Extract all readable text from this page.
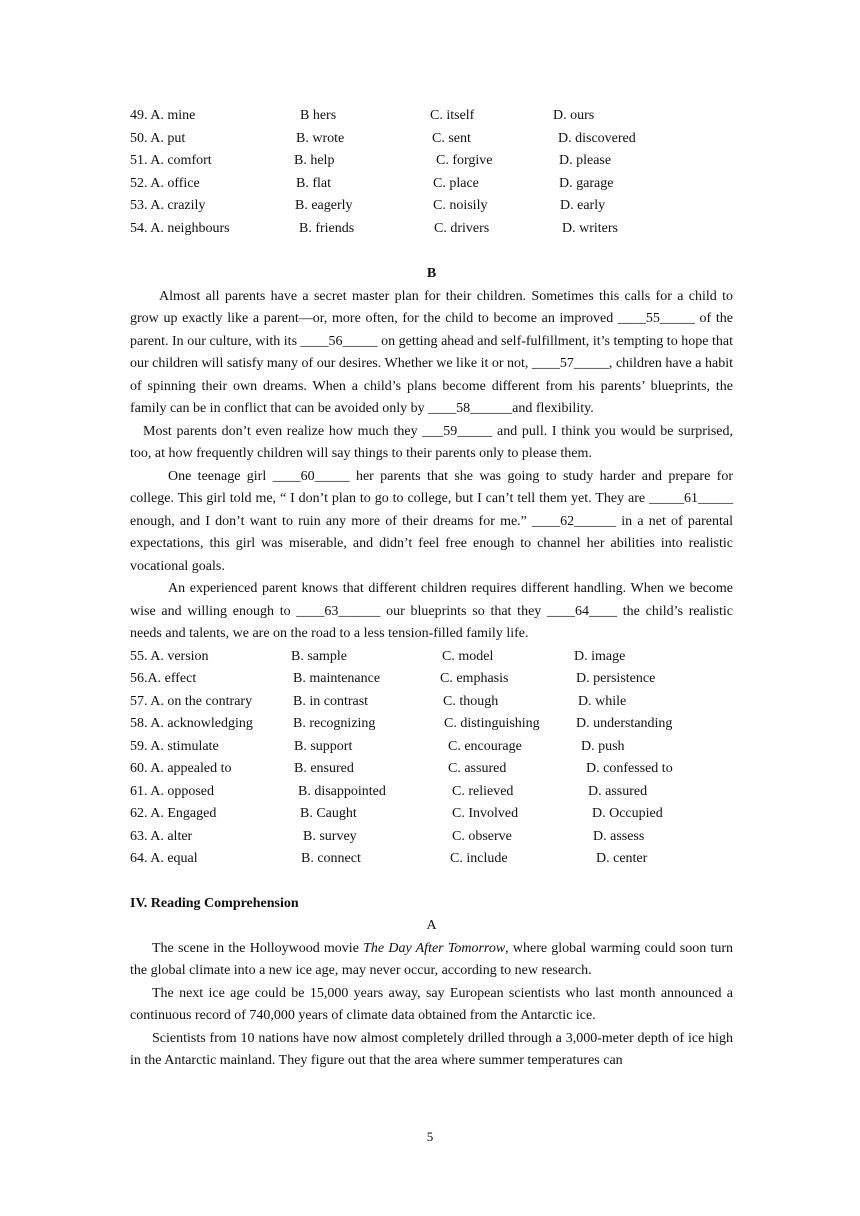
49. A. mine	B hers	C. itself	D. ours
50. A. put	B. wrote	C. sent	D. discovered
51. A. comfort	B. help	C. forgive	D. please
52. A. office	B. flat	C. place	D. garage
53. A. crazily	B. eagerly	C. noisily	D. early
54. A. neighbours	B. friends	C. drivers	D. writers
B

Almost all parents have a secret master plan for their children. Sometimes this calls for a child to grow up exactly like a parent—or, more often, for the child to become an improved ____55_____ of the parent. In our culture, with its ____56_____ on getting ahead and self-fulfillment, it’s tempting to hope that our children will satisfy many of our desires. Whether we like it or not, ____57_____, children have a habit of spinning their own dreams. When a child’s plans become different from his parents’ blueprints, the family can be in conflict that can be avoided only by ____58______and flexibility.

Most parents don’t even realize how much they ___59_____ and pull. I think you would be surprised, too, at how frequently children will say things to their parents only to please them.

One teenage girl ____60_____ her parents that she was going to study harder and prepare for college. This girl told me, “ I don’t plan to go to college, but I can’t tell them yet. They are _____61_____ enough, and I don’t want to ruin any more of their dreams for me.” ____62______ in a net of parental expectations, this girl was miserable, and didn’t feel free enough to channel her abilities into realistic vocational goals.

An experienced parent knows that different children requires different handling. When we become wise and willing enough to ____63______ our blueprints so that they ____64____ the child’s realistic needs and talents, we are on the road to a less tension-filled family life.

55. A. version	B. sample	C. model	D. image
56.A. effect	B. maintenance	C. emphasis	D. persistence
57. A. on the contrary	B. in contrast	C. though	D. while
58. A. acknowledging	B. recognizing	C. distinguishing	D. understanding
59. A. stimulate	B. support	C. encourage	D. push
60. A. appealed to	B. ensured	C. assured	D. confessed to
61. A. opposed	B. disappointed	C. relieved	D. assured
62. A. Engaged	B. Caught	C. Involved	D. Occupied
63. A. alter	B. survey	C. observe	D. assess
64. A. equal	B. connect	C. include	D. center

IV. Reading Comprehension

A

The scene in the Holloywood movie The Day After Tomorrow, where global warming could soon turn the global climate into a new ice age, may never occur, according to new research.

The next ice age could be 15,000 years away, say European scientists who last month announced a continuous record of 740,000 years of climate data obtained from the Antarctic ice.

Scientists from 10 nations have now almost completely drilled through a 3,000-meter depth of ice high in the Antarctic mainland. They figure out that the area where summer temperatures can

5
